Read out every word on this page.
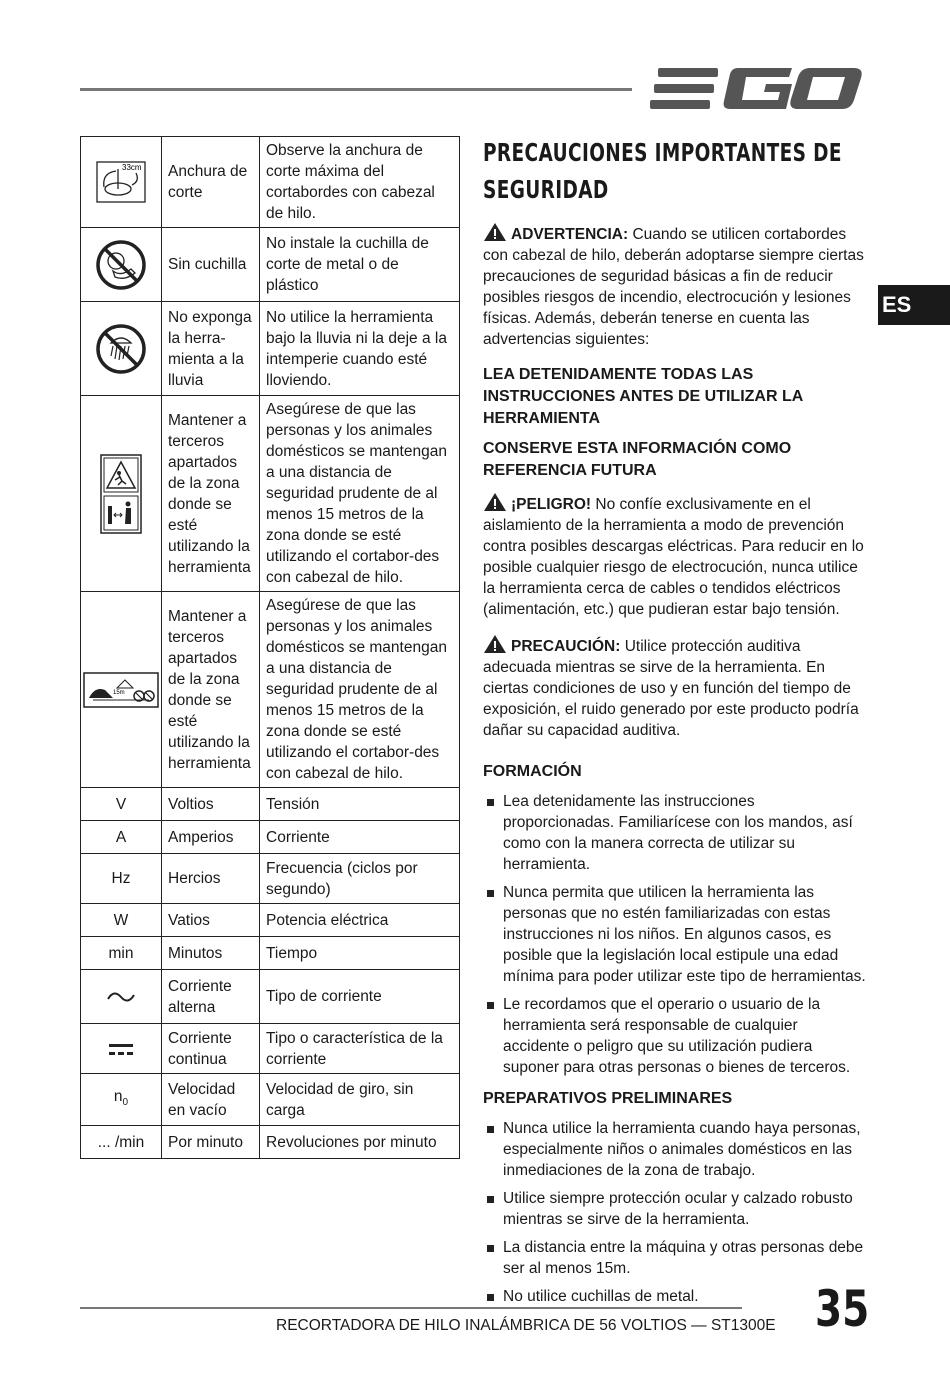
ES
33cm	Anchura de corte	Observe la anchura de corte máxima del cortabordes con cabezal de hilo.

	Sin cuchilla	No instale la cuchilla de corte de metal o de plástico

	No exponga la herra-mienta a la lluvia	No utilice la herramienta bajo la lluvia ni la deje a la intemperie cuando esté lloviendo.

	Mantener a terceros apartados de la zona donde se esté utilizando la herramienta	Asegúrese de que las personas y los animales domésticos se mantengan a una distancia de seguridad prudente de al menos 15 metros de la zona donde se esté utilizando el cortabor-des con cabezal de hilo.

15m	Mantener a terceros apartados de la zona donde se esté utilizando la herramienta	Asegúrese de que las personas y los animales domésticos se mantengan a una distancia de seguridad prudente de al menos 15 metros de la zona donde se esté utilizando el cortabor-des con cabezal de hilo.
V	Voltios	Tensión
A	Amperios	Corriente
Hz	Hercios	Frecuencia (ciclos por segundo)
W	Vatios	Potencia eléctrica
min	Minutos	Tiempo

	Corriente alterna	Tipo de corriente

	Corriente continua	Tipo o característica de la corriente
$n_0$	Velocidad en vacío	Velocidad de giro, sin carga
... /min	Por minuto	Revoluciones por minuto
PRECAUCIONES IMPORTANTES DE SEGURIDAD

ADVERTENCIA: Cuando se utilicen cortabordes con cabezal de hilo, deberán adoptarse siempre ciertas precauciones de seguridad básicas a fin de reducir posibles riesgos de incendio, electrocución y lesiones físicas. Además, deberán tenerse en cuenta las advertencias siguientes:

LEA DETENIDAMENTE TODAS LAS INSTRUCCIONES ANTES DE UTILIZAR LA HERRAMIENTA
CONSERVE ESTA INFORMACIÓN COMO REFERENCIA FUTURA

¡PELIGRO! No confíe exclusivamente en el aislamiento de la herramienta a modo de prevención contra posibles descargas eléctricas. Para reducir en lo posible cualquier riesgo de electrocución, nunca utilice la herramienta cerca de cables o tendidos eléctricos (alimentación, etc.) que pudieran estar bajo tensión.

PRECAUCIÓN: Utilice protección auditiva adecuada mientras se sirve de la herramienta. En ciertas condiciones de uso y en función del tiempo de exposición, el ruido generado por este producto podría dañar su capacidad auditiva.

FORMACIÓN
Lea detenidamente las instrucciones proporcionadas. Familiarícese con los mandos, así como con la manera correcta de utilizar su herramienta.
Nunca permita que utilicen la herramienta las personas que no estén familiarizadas con estas instrucciones ni los niños. En algunos casos, es posible que la legislación local estipule una edad mínima para poder utilizar este tipo de herramientas.
Le recordamos que el operario o usuario de la herramienta será responsable de cualquier accidente o peligro que su utilización pudiera suponer para otras personas o bienes de terceros.
PREPARATIVOS PRELIMINARES
Nunca utilice la herramienta cuando haya personas, especialmente niños o animales domésticos en las inmediaciones de la zona de trabajo.
Utilice siempre protección ocular y calzado robusto mientras se sirve de la herramienta.
La distancia entre la máquina y otras personas debe ser al menos 15m.
No utilice cuchillas de metal.
RECORTADORA DE HILO INALÁMBRICA DE 56 VOLTIOS — ST1300E 35
